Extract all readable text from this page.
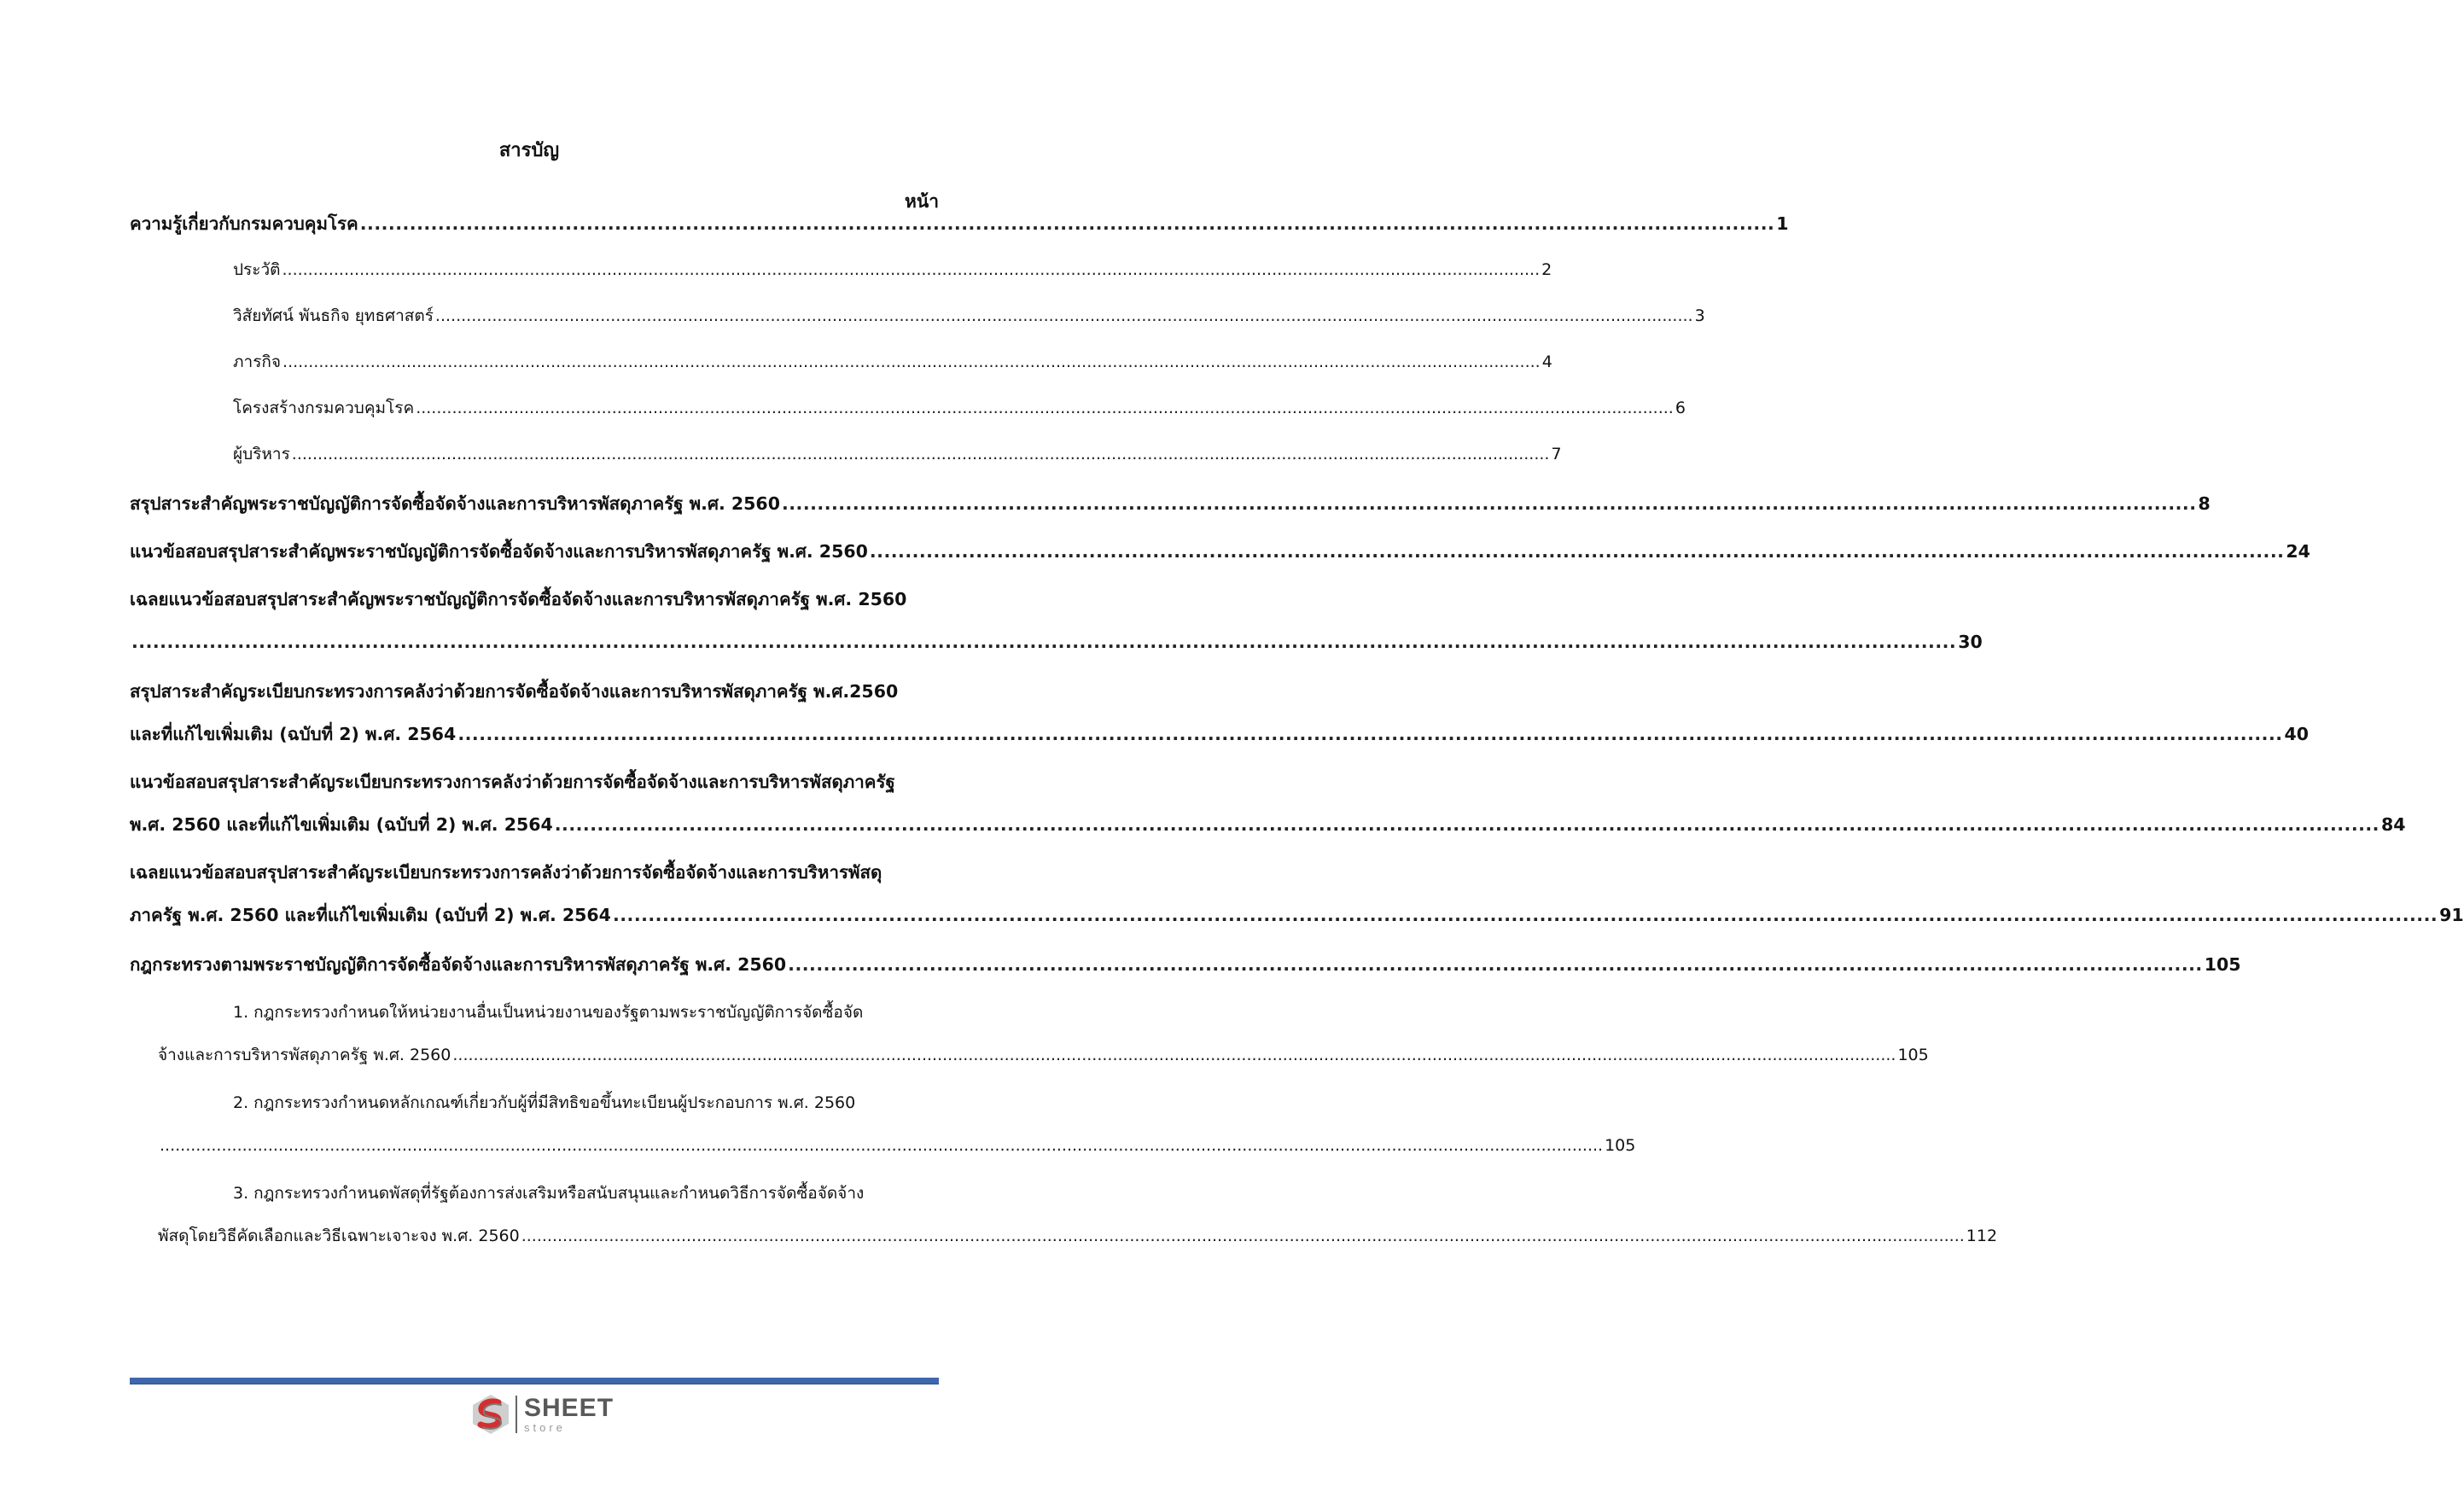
สารบัญ
หน้า
ความรู้เกี่ยวกับกรมควบคุมโรค ........................................................................................................................................................................................................ 1
ประวัติ .................................................................................................................................................................................................................................................... 2
วิสัยทัศน์ พันธกิจ ยุทธศาสตร์ .................................................................................................................................................................................................................................................... 3
ภารกิจ .................................................................................................................................................................................................................................................... 4
โครงสร้างกรมควบคุมโรค .................................................................................................................................................................................................................................................... 6
ผู้บริหาร .................................................................................................................................................................................................................................................... 7
สรุปสาระสำคัญพระราชบัญญัติการจัดซื้อจัดจ้างและการบริหารพัสดุภาครัฐ พ.ศ. 2560 ........................................................................................................................................................................................................ 8
แนวข้อสอบสรุปสาระสำคัญพระราชบัญญัติการจัดซื้อจัดจ้างและการบริหารพัสดุภาครัฐ พ.ศ. 2560 ........................................................................................................................................................................................................ 24
เฉลยแนวข้อสอบสรุปสาระสำคัญพระราชบัญญัติการจัดซื้อจัดจ้างและการบริหารพัสดุภาครัฐ พ.ศ. 2560
.................................................................................................................................................................................................................................................................. 30
สรุปสาระสำคัญระเบียบกระทรวงการคลังว่าด้วยการจัดซื้อจัดจ้างและการบริหารพัสดุภาครัฐ พ.ศ.2560
และที่แก้ไขเพิ่มเติม (ฉบับที่ 2) พ.ศ. 2564 .................................................................................................................................................................................................................................................................. 40
แนวข้อสอบสรุปสาระสำคัญระเบียบกระทรวงการคลังว่าด้วยการจัดซื้อจัดจ้างและการบริหารพัสดุภาครัฐ
พ.ศ. 2560 และที่แก้ไขเพิ่มเติม (ฉบับที่ 2) พ.ศ. 2564 .................................................................................................................................................................................................................................................................. 84
เฉลยแนวข้อสอบสรุปสาระสำคัญระเบียบกระทรวงการคลังว่าด้วยการจัดซื้อจัดจ้างและการบริหารพัสดุ
ภาครัฐ พ.ศ. 2560 และที่แก้ไขเพิ่มเติม (ฉบับที่ 2) พ.ศ. 2564 .................................................................................................................................................................................................................................................................. 91
กฎกระทรวงตามพระราชบัญญัติการจัดซื้อจัดจ้างและการบริหารพัสดุภาครัฐ พ.ศ. 2560 ........................................................................................................................................................................................................ 105
1. กฎกระทรวงกำหนดให้หน่วยงานอื่นเป็นหน่วยงานของรัฐตามพระราชบัญญัติการจัดซื้อจัด
จ้างและการบริหารพัสดุภาครัฐ พ.ศ. 2560 ........................................................................................................................................................................................................................................................................................ 105
2. กฎกระทรวงกำหนดหลักเกณฑ์เกี่ยวกับผู้ที่มีสิทธิขอขึ้นทะเบียนผู้ประกอบการ พ.ศ. 2560
........................................................................................................................................................................................................................................................................................ 105
3. กฎกระทรวงกำหนดพัสดุที่รัฐต้องการส่งเสริมหรือสนับสนุนและกำหนดวิธีการจัดซื้อจัดจ้าง
พัสดุโดยวิธีคัดเลือกและวิธีเฉพาะเจาะจง พ.ศ. 2560 ........................................................................................................................................................................................................................................................................................ 112
SHEET
store
